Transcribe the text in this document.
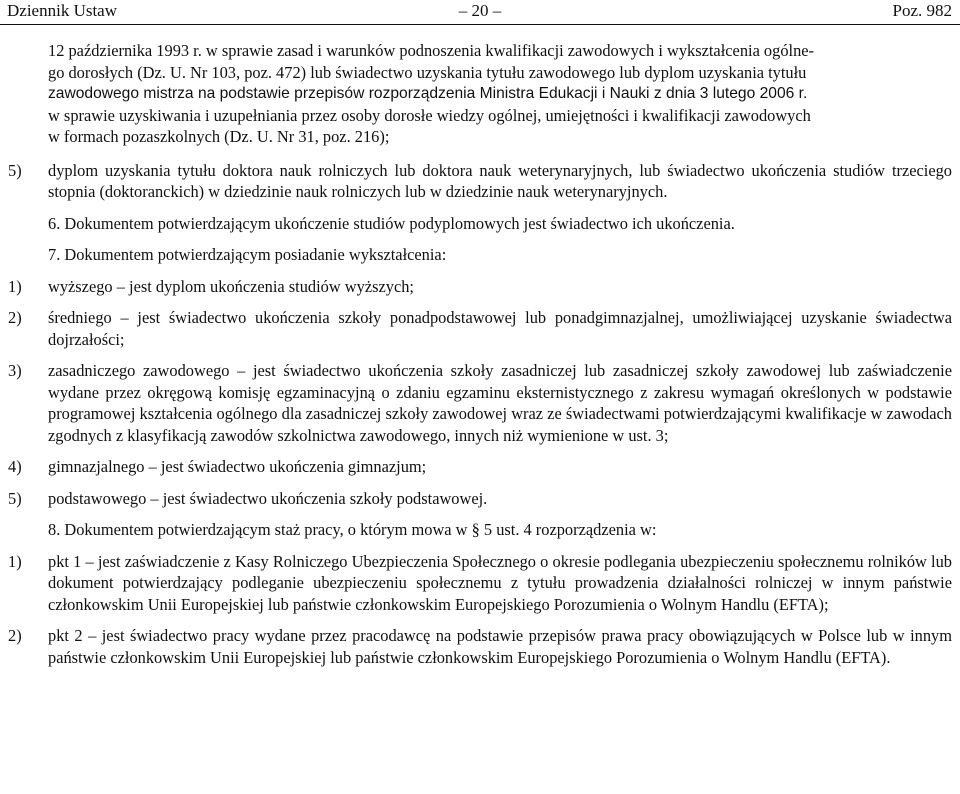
Dziennik Ustaw	– 20 –	Poz. 982

12 października 1993 r. w sprawie zasad i warunków podnoszenia kwalifikacji zawodowych i wykształcenia ogólne-

go dorosłych (Dz. U. Nr 103, poz. 472) lub świadectwo uzyskania tytułu zawodowego lub dyplom uzyskania tytułu

zawodowego mistrza na podstawie przepisów rozporządzenia Ministra Edukacji i Nauki z dnia 3 lutego 2006 r.

w sprawie uzyskiwania i uzupełniania przez osoby dorosłe wiedzy ogólnej, umiejętności i kwalifikacji zawodowych

w formach pozaszkolnych (Dz. U. Nr 31, poz. 216);

5) dyplom uzyskania tytułu doktora nauk rolniczych lub doktora nauk weterynaryjnych, lub świadectwo ukończenia studiów trzeciego stopnia (doktoranckich) w dziedzinie nauk rolniczych lub w dziedzinie nauk weterynaryjnych.

6. Dokumentem potwierdzającym ukończenie studiów podyplomowych jest świadectwo ich ukończenia.

7. Dokumentem potwierdzającym posiadanie wykształcenia:

1) wyższego – jest dyplom ukończenia studiów wyższych;
2) średniego – jest świadectwo ukończenia szkoły ponadpodstawowej lub ponadgimnazjalnej, umożliwiającej uzyskanie świadectwa dojrzałości;
3) zasadniczego zawodowego – jest świadectwo ukończenia szkoły zasadniczej lub zasadniczej szkoły zawodowej lub zaświadczenie wydane przez okręgową komisję egzaminacyjną o zdaniu egzaminu eksternistycznego z zakresu wymagań określonych w podstawie programowej kształcenia ogólnego dla zasadniczej szkoły zawodowej wraz ze świadectwami potwierdzającymi kwalifikacje w zawodach zgodnych z klasyfikacją zawodów szkolnictwa zawodowego, innych niż wymienione w ust. 3;
4) gimnazjalnego – jest świadectwo ukończenia gimnazjum;
5) podstawowego – jest świadectwo ukończenia szkoły podstawowej.

8. Dokumentem potwierdzającym staż pracy, o którym mowa w § 5 ust. 4 rozporządzenia w:

1) pkt 1 – jest zaświadczenie z Kasy Rolniczego Ubezpieczenia Społecznego o okresie podlegania ubezpieczeniu społecznemu rolników lub dokument potwierdzający podleganie ubezpieczeniu społecznemu z tytułu prowadzenia działalności rolniczej w innym państwie członkowskim Unii Europejskiej lub państwie członkowskim Europejskiego Porozumienia o Wolnym Handlu (EFTA);
2) pkt 2 – jest świadectwo pracy wydane przez pracodawcę na podstawie przepisów prawa pracy obowiązujących w Polsce lub w innym państwie członkowskim Unii Europejskiej lub państwie członkowskim Europejskiego Porozumienia o Wolnym Handlu (EFTA).
